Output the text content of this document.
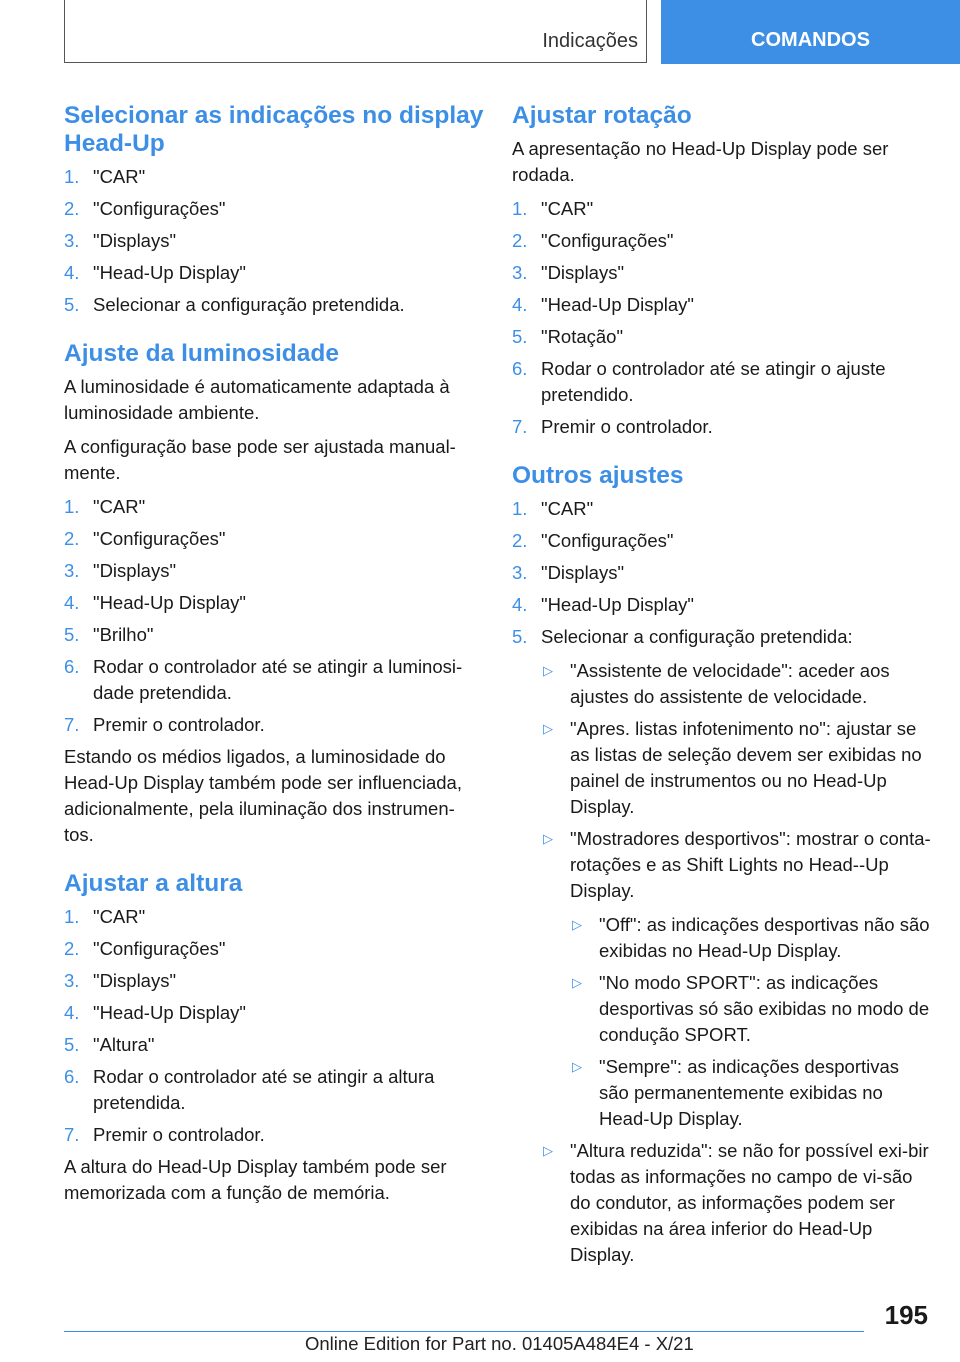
Indicações	COMANDOS
Selecionar as indicações no display Head-Up
1. "CAR"
2. "Configurações"
3. "Displays"
4. "Head-Up Display"
5. Selecionar a configuração pretendida.
Ajuste da luminosidade

A luminosidade é automaticamente adaptada à luminosidade ambiente.

A configuração base pode ser ajustada manual-mente.

1. "CAR"
2. "Configurações"
3. "Displays"
4. "Head-Up Display"
5. "Brilho"
6. Rodar o controlador até se atingir a luminosi-dade pretendida.
7. Premir o controlador.

Estando os médios ligados, a luminosidade do Head-Up Display também pode ser influenciada, adicionalmente, pela iluminação dos instrumen-tos.

Ajustar a altura
1. "CAR"
2. "Configurações"
3. "Displays"
4. "Head-Up Display"
5. "Altura"
6. Rodar o controlador até se atingir a altura pretendida.
7. Premir o controlador.

A altura do Head-Up Display também pode ser memorizada com a função de memória.

Ajustar rotação

A apresentação no Head-Up Display pode ser rodada.

1. "CAR"
2. "Configurações"
3. "Displays"
4. "Head-Up Display"
5. "Rotação"
6. Rodar o controlador até se atingir o ajuste pretendido.
7. Premir o controlador.
Outros ajustes
1. "CAR"
2. "Configurações"
3. "Displays"
4. "Head-Up Display"
5. Selecionar a configuração pretendida:
▷ "Assistente de velocidade": aceder aos ajustes do assistente de velocidade.
▷ "Apres. listas infotenimento no": ajustar se as listas de seleção devem ser exibidas no painel de instrumentos ou no Head-Up Display.
▷ "Mostradores desportivos": mostrar o conta-rotações e as Shift Lights no Head--Up Display.
▷ "Off": as indicações desportivas não são exibidas no Head-Up Display.
▷ "No modo SPORT": as indicações desportivas só são exibidas no modo de condução SPORT.
▷ "Sempre": as indicações desportivas são permanentemente exibidas no Head-Up Display.
▷ "Altura reduzida": se não for possível exi-bir todas as informações no campo de vi-são do condutor, as informações podem ser exibidas na área inferior do Head-Up Display.
195
Online Edition for Part no. 01405A484E4 - X/21
